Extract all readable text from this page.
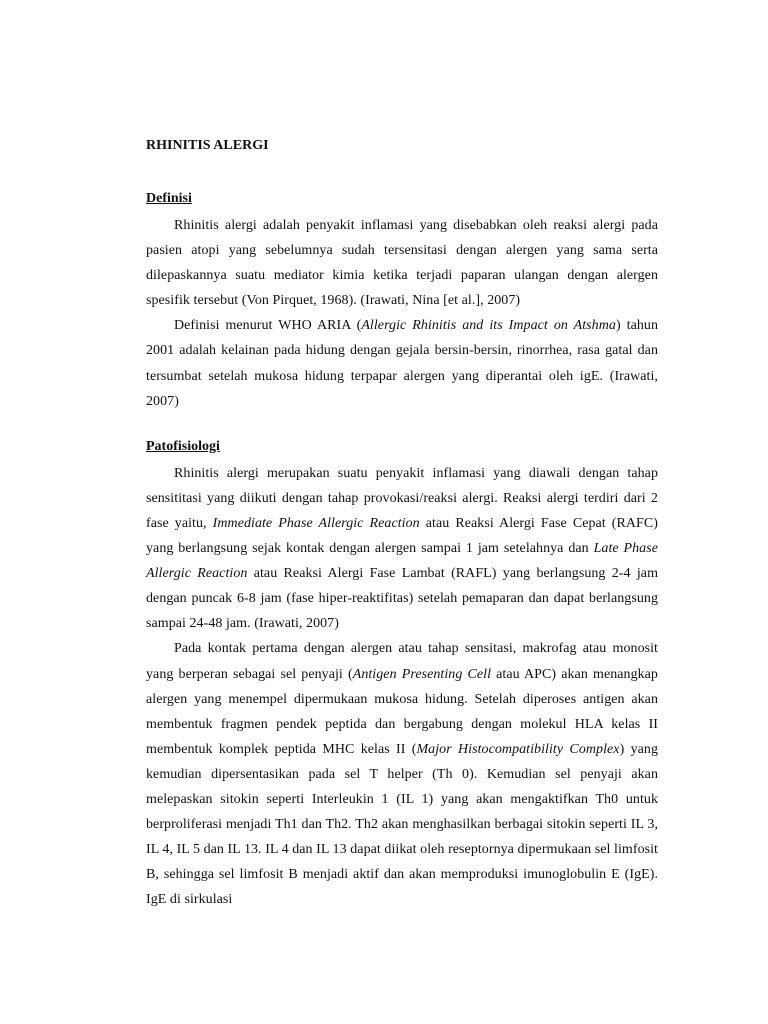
RHINITIS ALERGI
Definisi

Rhinitis alergi adalah penyakit inflamasi yang disebabkan oleh reaksi alergi pada pasien atopi yang sebelumnya sudah tersensitasi dengan alergen yang sama serta dilepaskannya suatu mediator kimia ketika terjadi paparan ulangan dengan alergen spesifik tersebut (Von Pirquet, 1968). (Irawati, Nina [et al.], 2007)

Definisi menurut WHO ARIA (Allergic Rhinitis and its Impact on Atshma) tahun 2001 adalah kelainan pada hidung dengan gejala bersin-bersin, rinorrhea, rasa gatal dan tersumbat setelah mukosa hidung terpapar alergen yang diperantai oleh igE. (Irawati, 2007)

Patofisiologi

Rhinitis alergi merupakan suatu penyakit inflamasi yang diawali dengan tahap sensititasi yang diikuti dengan tahap provokasi/reaksi alergi. Reaksi alergi terdiri dari 2 fase yaitu, Immediate Phase Allergic Reaction atau Reaksi Alergi Fase Cepat (RAFC) yang berlangsung sejak kontak dengan alergen sampai 1 jam setelahnya dan Late Phase Allergic Reaction atau Reaksi Alergi Fase Lambat (RAFL) yang berlangsung 2-4 jam dengan puncak 6-8 jam (fase hiper-reaktifitas) setelah pemaparan dan dapat berlangsung sampai 24-48 jam. (Irawati, 2007)

Pada kontak pertama dengan alergen atau tahap sensitasi, makrofag atau monosit yang berperan sebagai sel penyaji (Antigen Presenting Cell atau APC) akan menangkap alergen yang menempel dipermukaan mukosa hidung. Setelah diperoses antigen akan membentuk fragmen pendek peptida dan bergabung dengan molekul HLA kelas II membentuk komplek peptida MHC kelas II (Major Histocompatibility Complex) yang kemudian dipersentasikan pada sel T helper (Th 0). Kemudian sel penyaji akan melepaskan sitokin seperti Interleukin 1 (IL 1) yang akan mengaktifkan Th0 untuk berproliferasi menjadi Th1 dan Th2. Th2 akan menghasilkan berbagai sitokin seperti IL 3, IL 4, IL 5 dan IL 13. IL 4 dan IL 13 dapat diikat oleh reseptornya dipermukaan sel limfosit B, sehingga sel limfosit B menjadi aktif dan akan memproduksi imunoglobulin E (IgE). IgE di sirkulasi
